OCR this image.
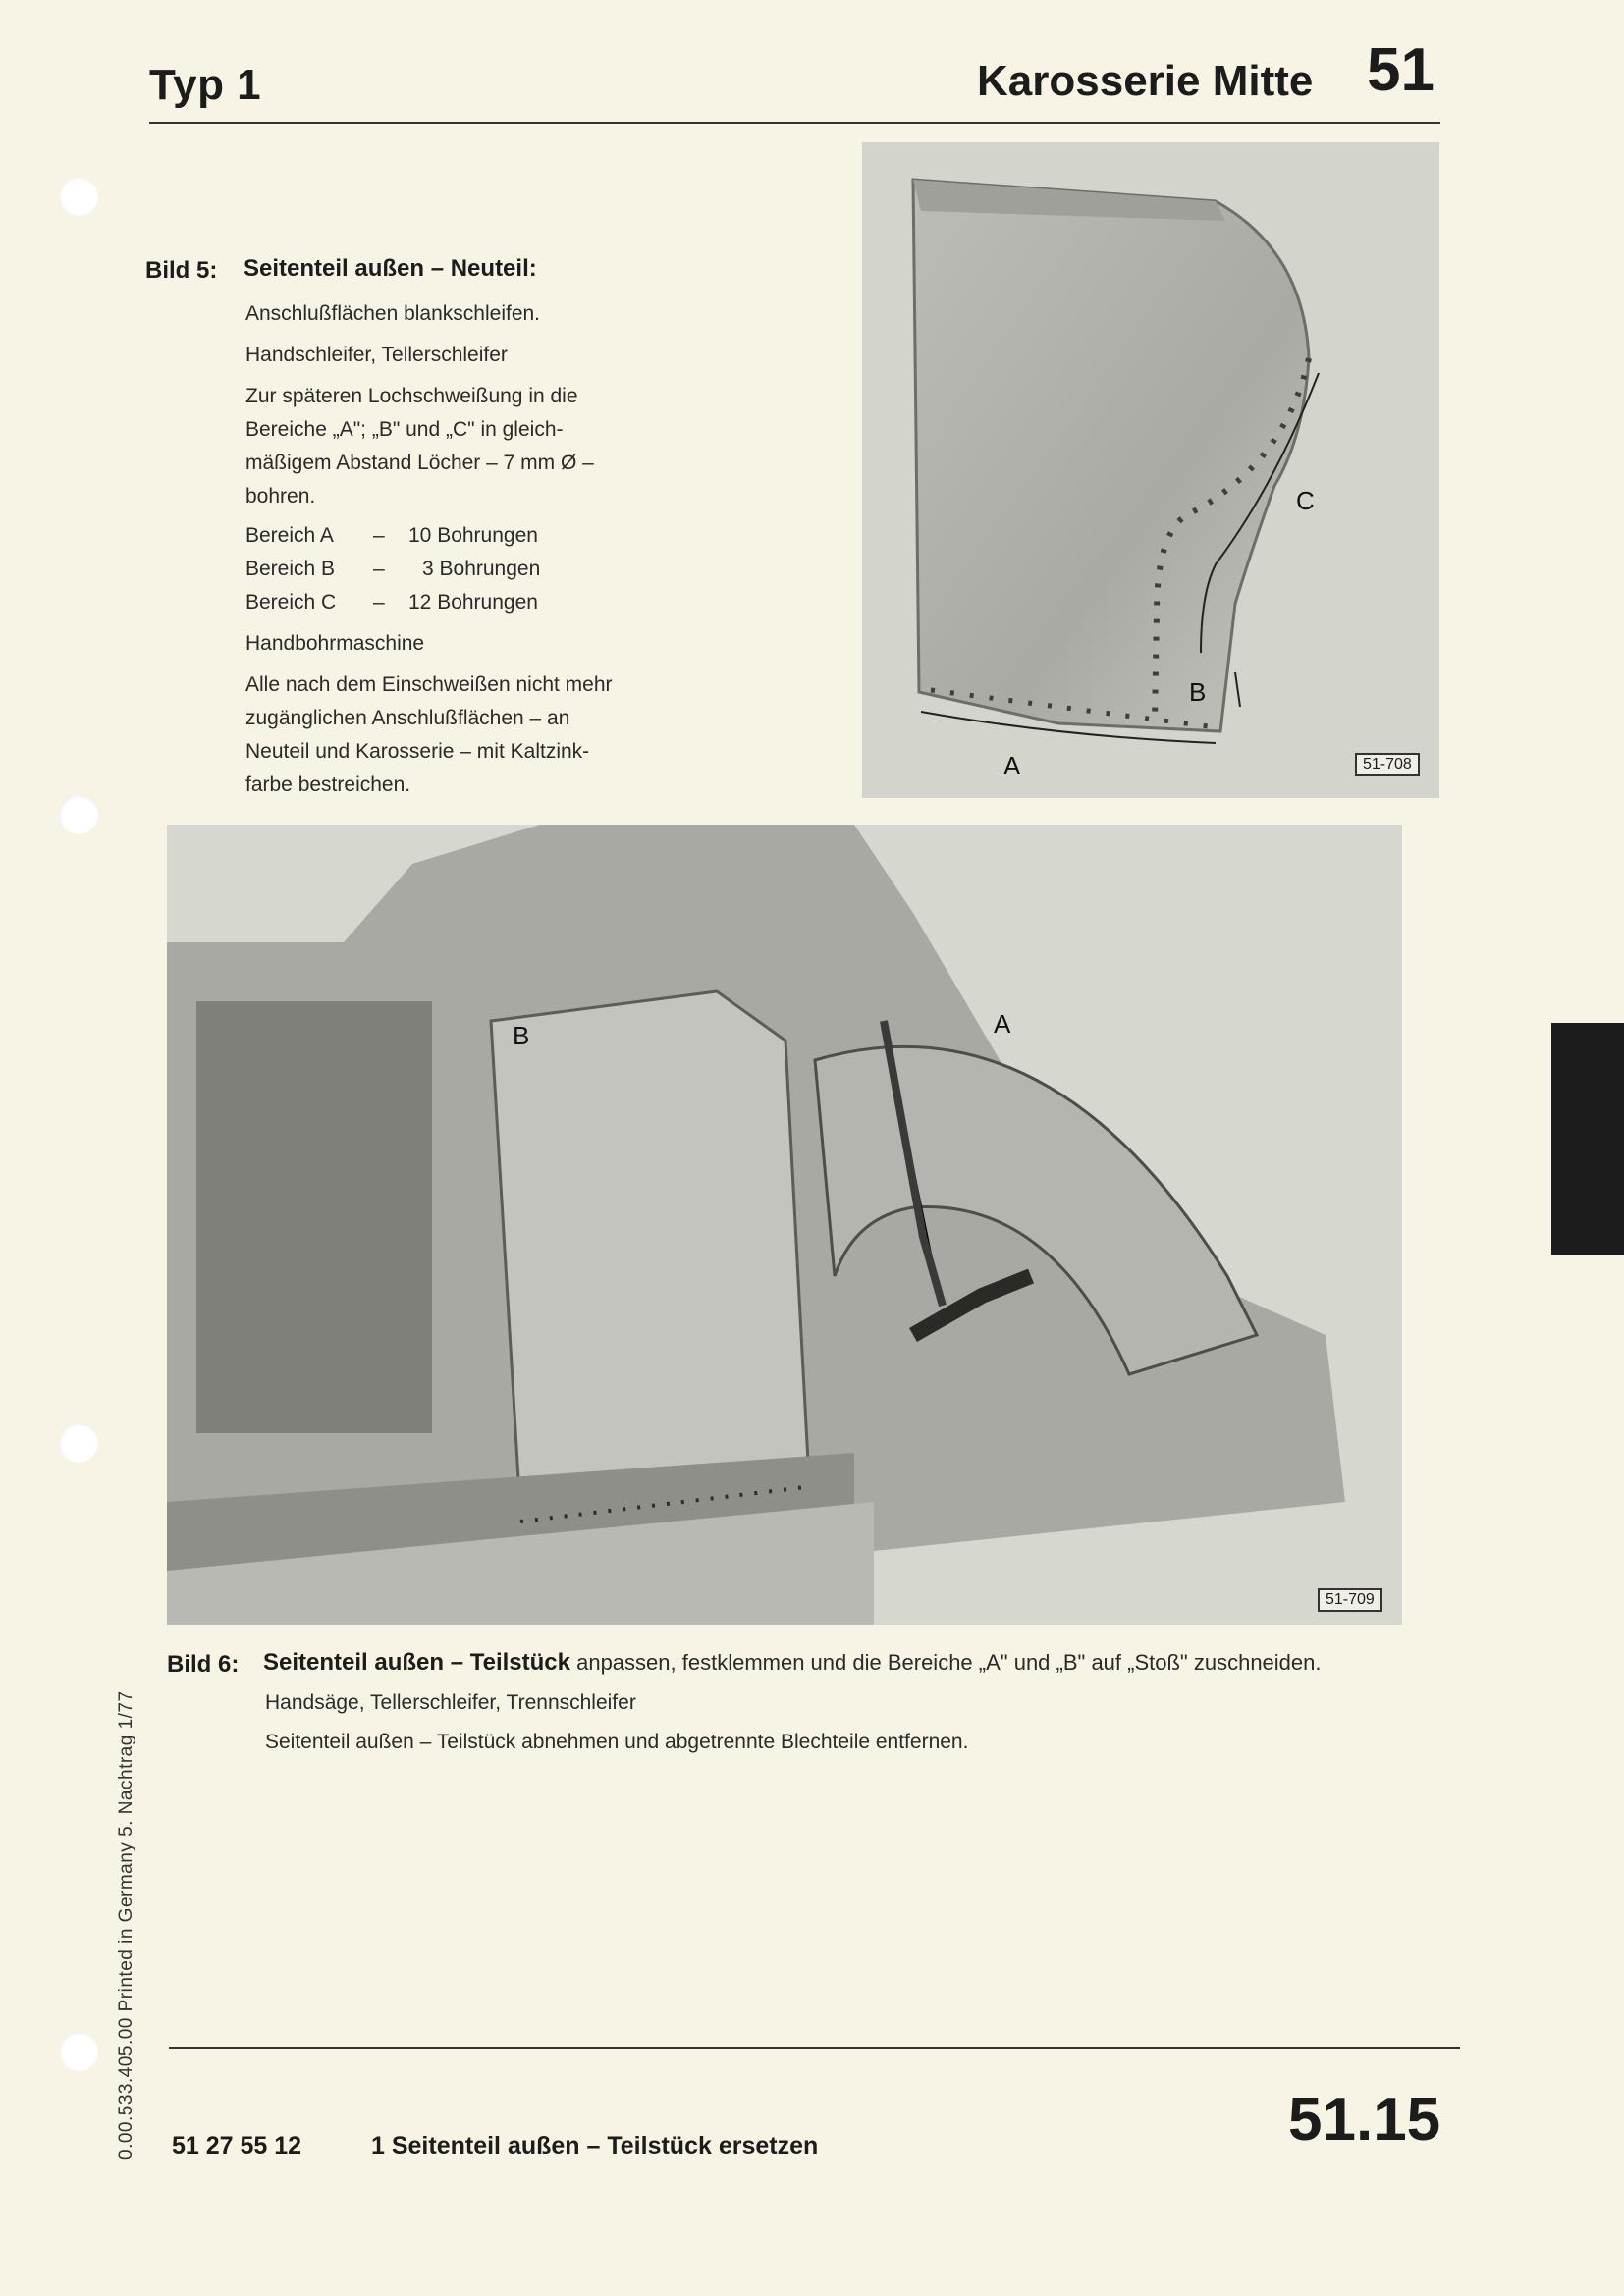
Typ 1	Karosserie Mitte 51
Bild 5: Seitenteil außen – Neuteil:
Anschlußflächen blankschleifen.
Handschleifer, Tellerschleifer
Zur späteren Lochschweißung in die
Bereiche „A"; „B" und „C" in gleich-
mäßigem Abstand Löcher – 7 mm Ø –
bohren.
Bereich A – 10 Bohrungen
Bereich B – 3 Bohrungen
Bereich C – 12 Bohrungen
Handbohrmaschine
Alle nach dem Einschweißen nicht mehr
zugänglichen Anschlußflächen – an
Neuteil und Karosserie – mit Kaltzink-
farbe bestreichen.
C
B
A	51-708
B	A
51-709
Bild 6: Seitenteil außen – Teilstück anpassen, festklemmen und die Bereiche „A" und „B" auf „Stoß" zuschneiden.
Handsäge, Tellerschleifer, Trennschleifer
Seitenteil außen – Teilstück abnehmen und abgetrennte Blechteile entfernen.
0.00.533.405.00 Printed in Germany 5. Nachtrag 1/77 51 27 55 12	1 Seitenteil außen – Teilstück ersetzen	51.15
